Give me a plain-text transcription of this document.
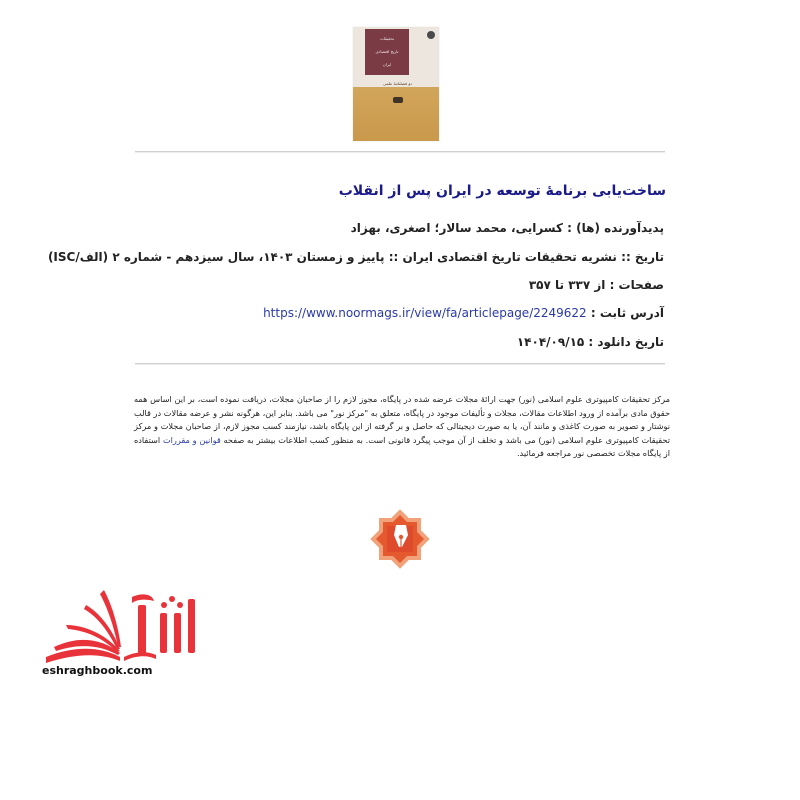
تحقیقات
تاریخ اقتصادی
ایران
دو فصلنامهٔ علمی
ساخت‌یابی برنامهٔ توسعه در ایران پس از انقلاب
پدیدآورنده (ها) : کسرایی، محمد سالار؛ اصغری، بهزاد
تاریخ :: نشریه تحقیقات تاریخ اقتصادی ایران :: پاییز و زمستان ۱۴۰۳، سال سیزدهم - شماره ۲ (الف/ISC)
صفحات : از ۳۳۷ تا ۳۵۷
آدرس ثابت : https://www.noormags.ir/view/fa/articlepage/2249622
تاریخ دانلود : ۱۴۰۴/۰۹/۱۵
مرکز تحقیقات کامپیوتری علوم اسلامی (نور) جهت ارائهٔ مجلات عرضه شده در پایگاه، مجوز لازم را از صاحبان مجلات، دریافت نموده است، بر این اساس همه حقوق مادی برآمده از ورود اطلاعات مقالات، مجلات و تألیفات موجود در پایگاه، متعلق به "مرکز نور" می باشد. بنابر این، هرگونه نشر و عرضه مقالات در قالب نوشتار و تصویر به صورت کاغذی و مانند آن، یا به صورت دیجیتالی که حاصل و بر گرفته از این پایگاه باشد، نیازمند کسب مجوز لازم، از صاحبان مجلات و مرکز تحقیقات کامپیوتری علوم اسلامی (نور) می باشد و تخلف از آن موجب پیگرد قانونی است. به منظور کسب اطلاعات بیشتر به صفحه قوانین و مقررات استفاده از پایگاه مجلات تخصصی نور مراجعه فرمائید.
eshraghbook.com
